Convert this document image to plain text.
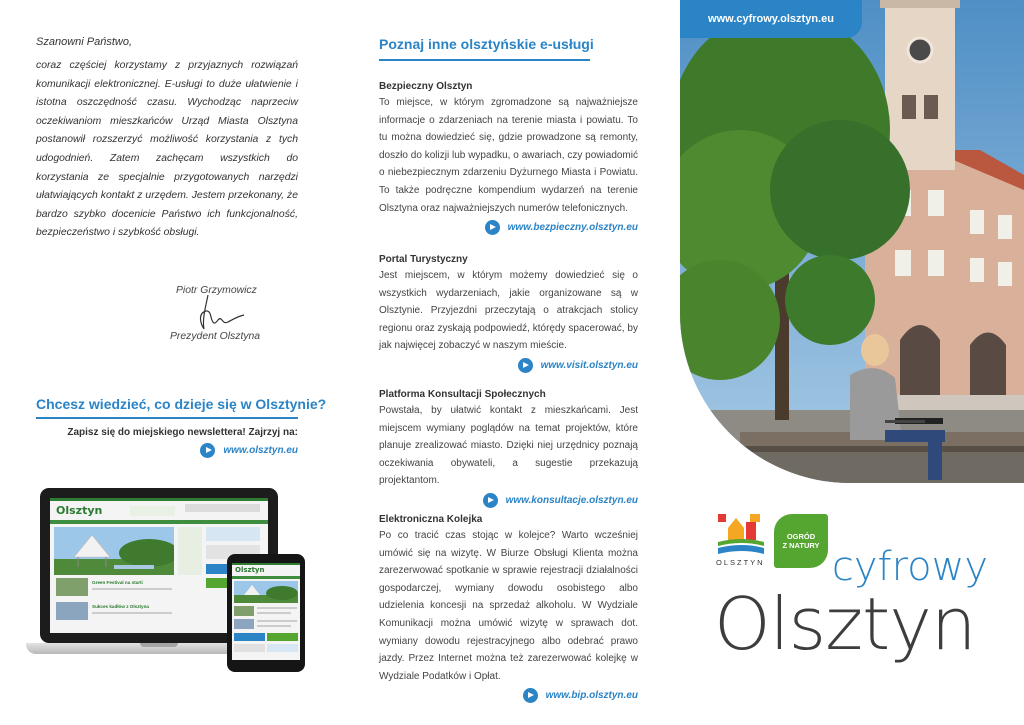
Szanowni Państwo,

coraz częściej korzystamy z przyjaznych rozwiązań komunikacji elektronicznej. E-usługi to duże ułatwienie i istotna oszczędność czasu. Wychodząc naprzeciw oczekiwaniom mieszkańców Urząd Miasta Olsztyna postanowił rozszerzyć możliwość korzystania z tych udogodnień. Zatem zachęcam wszystkich do korzystania ze specjalnie przygotowanych narzędzi ułatwiających kontakt z urzędem. Jestem przekonany, że bardzo szybko docenicie Państwo ich funkcjonalność, bezpieczeństwo i szybkość obsługi.

Piotr Grzymowicz
Prezydent Olsztyna
Chcesz wiedzieć, co dzieje się w Olsztynie?

Zapisz się do miejskiego newslettera! Zajrzyj na:

www.olsztyn.eu
Olsztyn
Green Festival na starti
Sukces kadłów z Olsztyna
Olsztyn
Poznaj inne olsztyńskie e-usługi
Bezpieczny Olsztyn

To miejsce, w którym zgromadzone są najważniejsze informacje o zdarzeniach na terenie miasta i powiatu. To tu można dowiedzieć się, gdzie prowadzone są remonty, doszło do kolizji lub wypadku, o awariach, czy powiadomić o niebezpiecznym zdarzeniu Dyżurnego Miasta i Powiatu. To także podręczne kompendium wydarzeń na terenie Olsztyna oraz najważniejszych numerów telefonicznych.

www.bezpieczny.olsztyn.eu
Portal Turystyczny

Jest miejscem, w którym możemy dowiedzieć się o wszystkich wydarzeniach, jakie organizowane są w Olsztynie. Przyjezdni przeczytają o atrakcjach stolicy regionu oraz zyskają podpowiedź, którędy spacerować, by jak najwięcej zobaczyć w naszym mieście.

www.visit.olsztyn.eu
Platforma Konsultacji Społecznych

Powstała, by ułatwić kontakt z mieszkańcami. Jest miejscem wymiany poglądów na temat projektów, które planuje zrealizować miasto. Dzięki niej urzędnicy poznają oczekiwania obywateli, a sugestie przekazują projektantom.

www.konsultacje.olsztyn.eu
Elektroniczna Kolejka

Po co tracić czas stojąc w kolejce? Warto wcześniej umówić się na wizytę. W Biurze Obsługi Klienta można zarezerwować spotkanie w sprawie rejestracji działalności gospodarczej, wymiany dowodu osobistego albo udzielenia koncesji na sprzedaż alkoholu. W Wydziale Komunikacji można umówić wizytę w sprawach dot. wymiany dowodu rejestracyjnego albo odebrać prawo jazdy. Przez Internet można też zarezerwować kolejkę w Wydziale Podatków i Opłat.

www.bip.olsztyn.eu
www.cyfrowy.olsztyn.eu
OLSZTYN
OGRÓD
Z NATURY cyfrowy
Olsztyn
